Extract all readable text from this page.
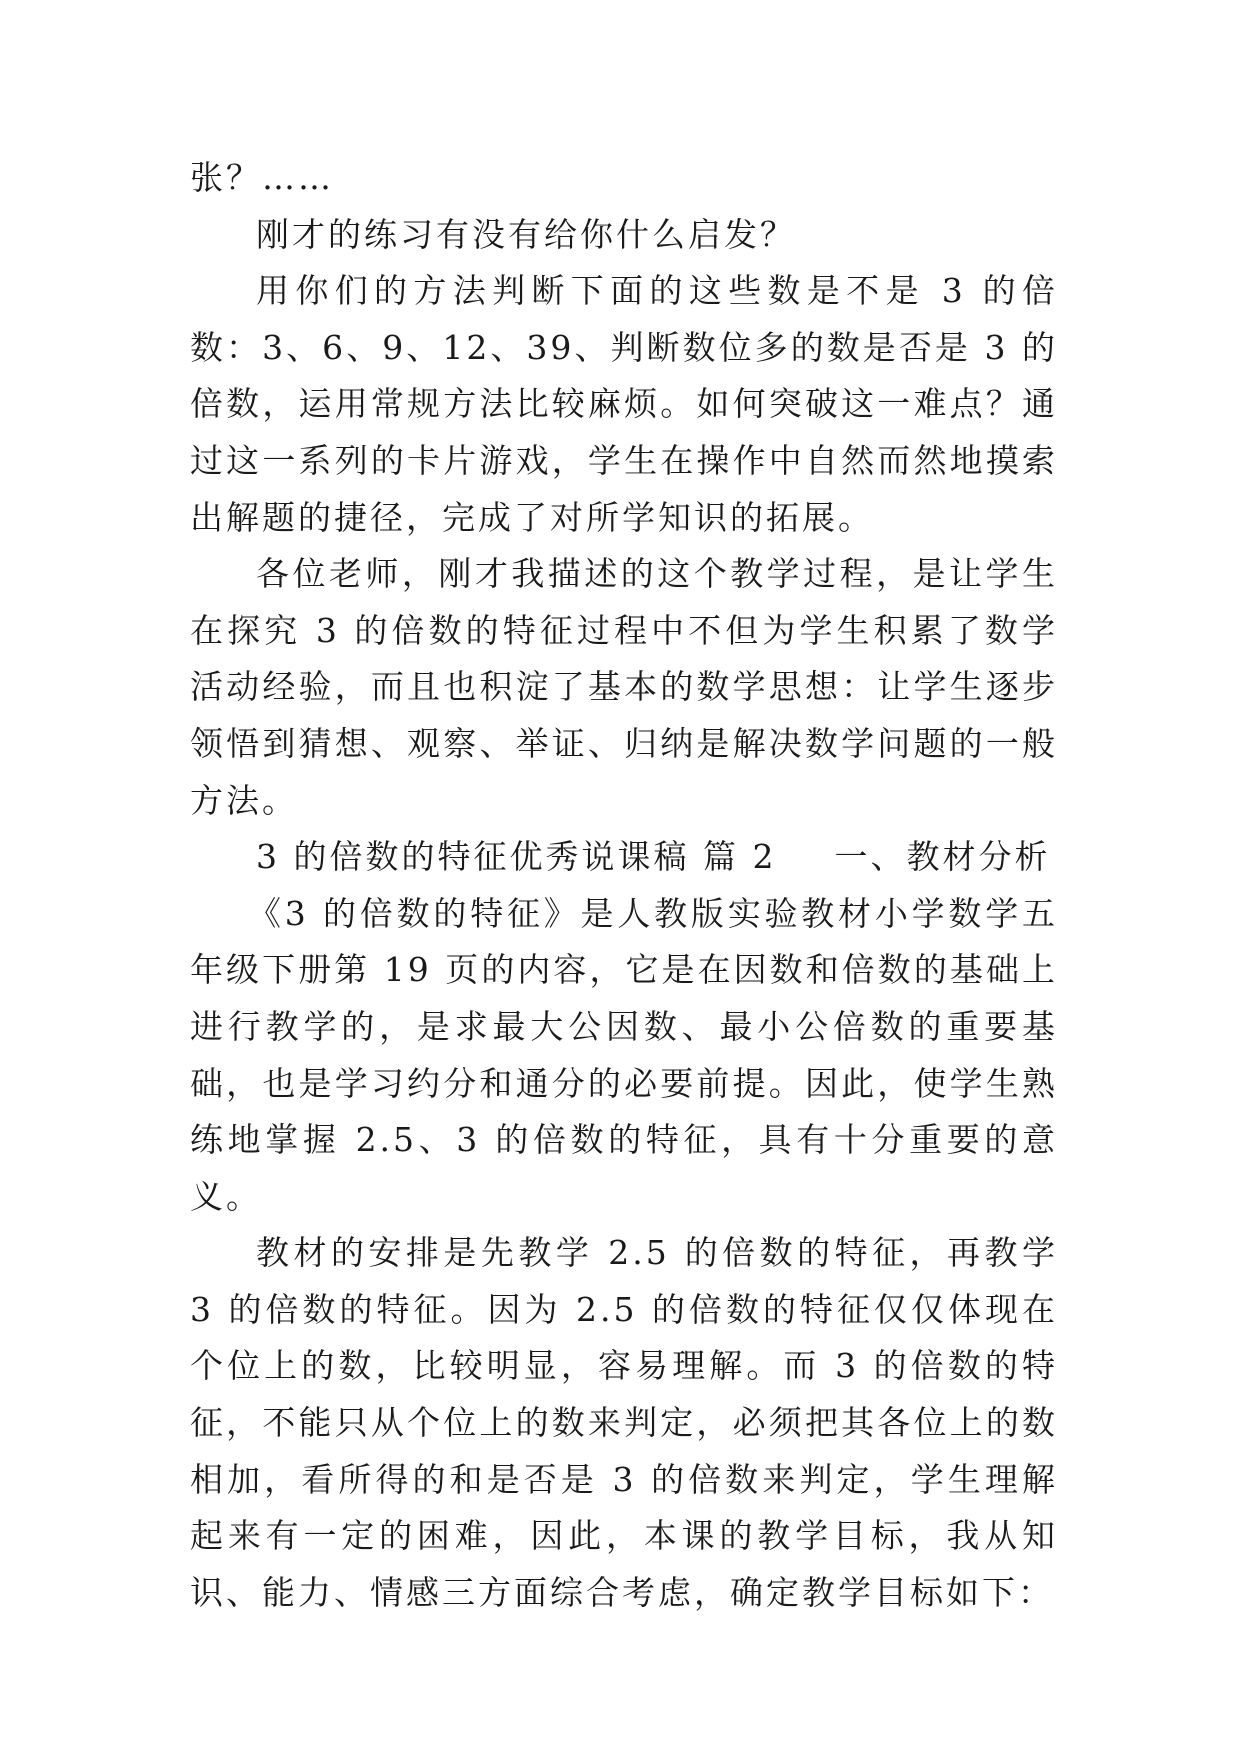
张？……

刚才的练习有没有给你什么启发？

用你们的方法判断下面的这些数是不是 3 的倍数：3、6、9、12、39、判断数位多的数是否是 3 的倍数，运用常规方法比较麻烦。如何突破这一难点？通过这一系列的卡片游戏，学生在操作中自然而然地摸索出解题的捷径，完成了对所学知识的拓展。

各位老师，刚才我描述的这个教学过程，是让学生在探究 3 的倍数的特征过程中不但为学生积累了数学活动经验，而且也积淀了基本的数学思想：让学生逐步领悟到猜想、观察、举证、归纳是解决数学问题的一般方法。

3 的倍数的特征优秀说课稿 篇 2 一、教材分析

《3 的倍数的特征》是人教版实验教材小学数学五年级下册第 19 页的内容，它是在因数和倍数的基础上进行教学的，是求最大公因数、最小公倍数的重要基础，也是学习约分和通分的必要前提。因此，使学生熟练地掌握 2.5、3 的倍数的特征，具有十分重要的意义。

教材的安排是先教学 2.5 的倍数的特征，再教学 3 的倍数的特征。因为 2.5 的倍数的特征仅仅体现在个位上的数，比较明显，容易理解。而 3 的倍数的特征，不能只从个位上的数来判定，必须把其各位上的数相加，看所得的和是否是 3 的倍数来判定，学生理解起来有一定的困难，因此，本课的教学目标，我从知识、能力、情感三方面综合考虑，确定教学目标如下：
